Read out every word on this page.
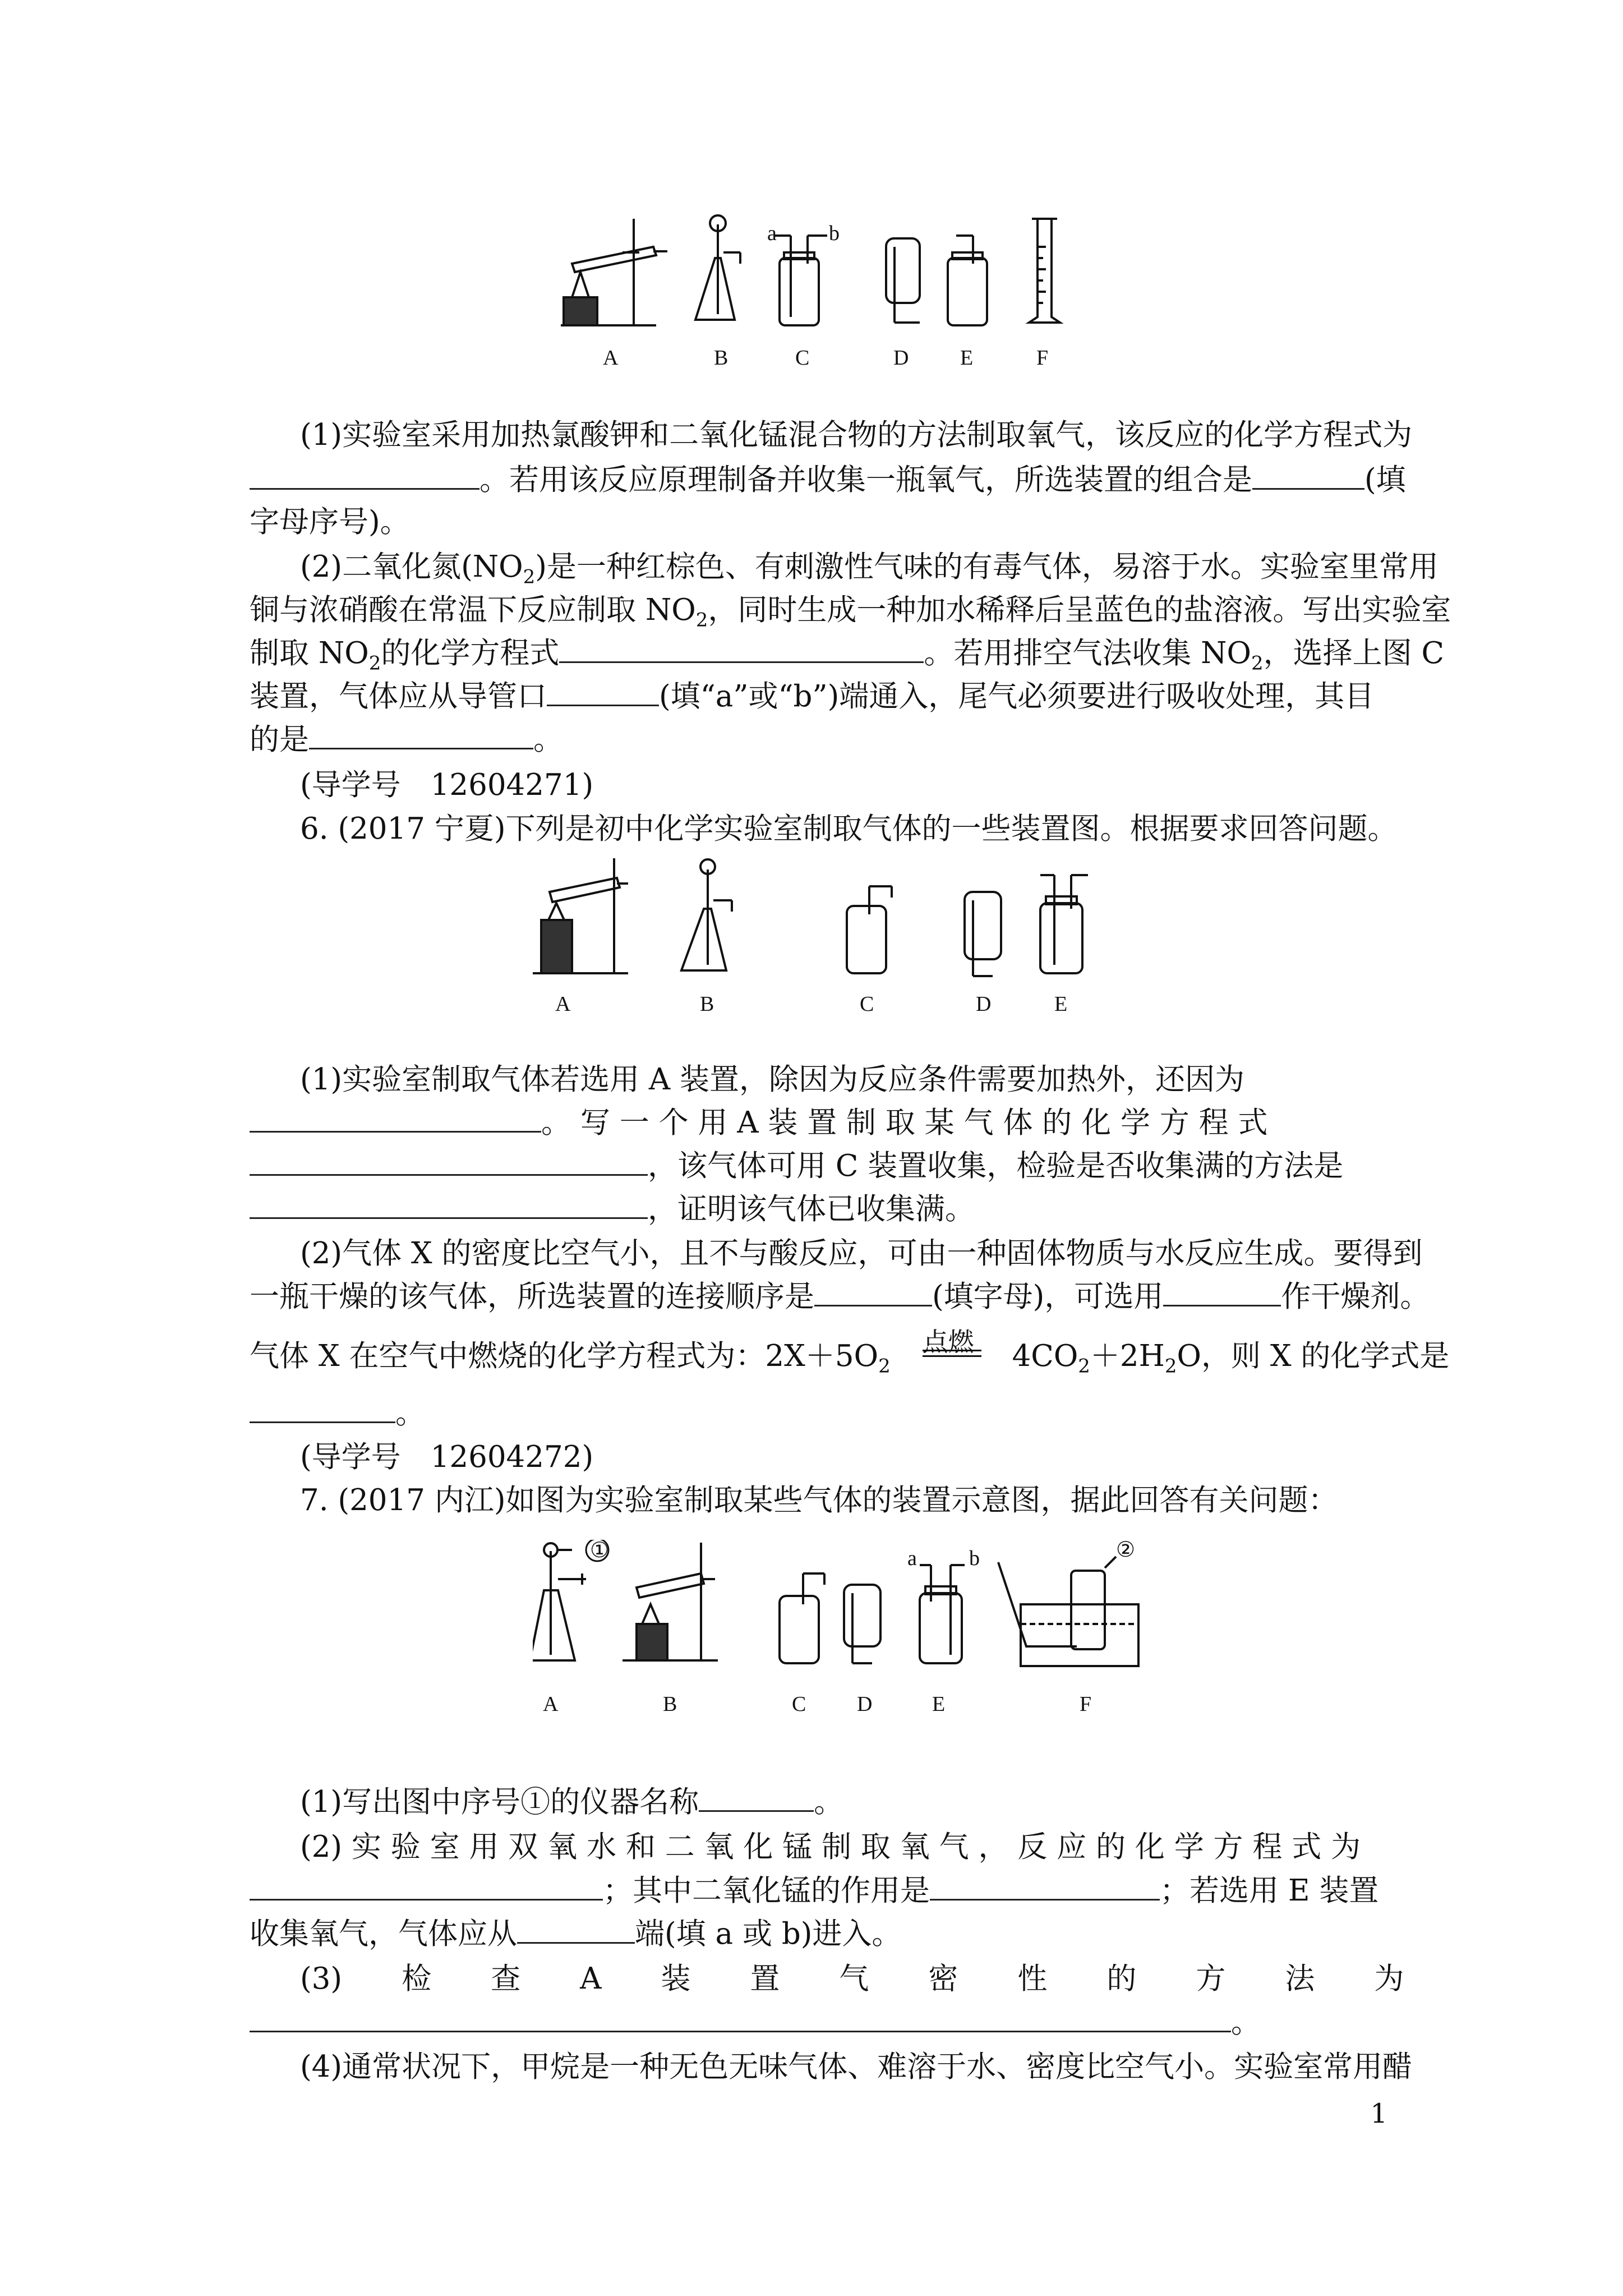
a b
A	B	C	D E	F
(1)实验室采用加热氯酸钾和二氧化锰混合物的方法制取氧气，该反应的化学方程式为
。若用该反应原理制备并收集一瓶氧气，所选装置的组合是	(填
字母序号)。
(2)二氧化氮$(NO_2)$是一种红棕色、有刺激性气味的有毒气体，易溶于水。实验室里常用
铜与浓硝酸在常温下反应制取 $NO_2$，同时生成一种加水稀释后呈蓝色的盐溶液。写出实验室
制取 $NO_2$的化学方程式	。若用排空气法收集 $NO_2$，选择上图 C
装置，气体应从导管口	(填“a”或“b”)端通入，尾气必须要进行吸收处理，其目
的是	。
(导学号　12604271)
6. (2017 宁夏)下列是初中化学实验室制取气体的一些装置图。根据要求回答问题。
A	B	C	D	E
(1)实验室制取气体若选用 A 装置，除因为反应条件需要加热外，还因为
。 写 一 个 用 A 装 置 制 取 某 气 体 的 化 学 方 程 式
，该气体可用 C 装置收集，检验是否收集满的方法是
，证明该气体已收集满。
(2)气体 X 的密度比空气小，且不与酸反应，可由一种固体物质与水反应生成。要得到
一瓶干燥的该气体，所选装置的连接顺序是	(填字母)，可选用	作干燥剂。
气体 X 在空气中燃烧的化学方程式为：$2X+5O_2$
点燃 $4CO_2+2H_2O$，则 X 的化学式是
。
(导学号　12604272)
7. (2017 内江)如图为实验室制取某些气体的装置示意图，据此回答有关问题：
①	②
a b
A	B	C D	E	F
(1)写出图中序号①的仪器名称	。
(2) 实 验 室 用 双 氧 水 和 二 氧 化 锰 制 取 氧 气 ， 反 应 的 化 学 方 程 式 为
；其中二氧化锰的作用是	；若选用 E 装置
收集氧气，气体应从	端(填 a 或 b)进入。
(3)　　检　　查　　A　　装　　置　　气　　密　　性　　的　　方　　法　　为
。
(4)通常状况下，甲烷是一种无色无味气体、难溶于水、密度比空气小。实验室常用醋
1
